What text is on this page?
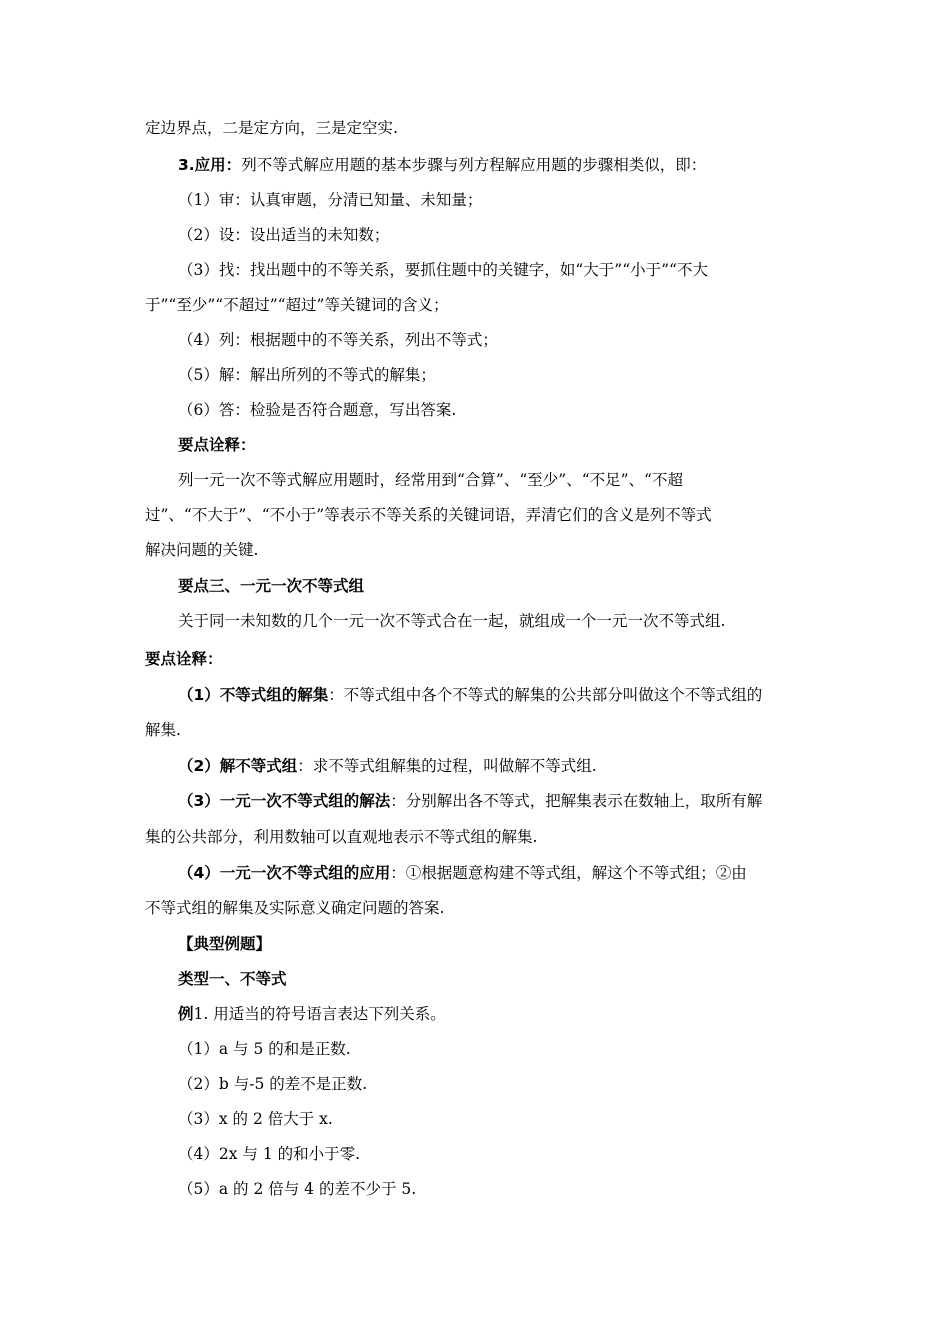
定边界点，二是定方向，三是定空实.
3.应用：列不等式解应用题的基本步骤与列方程解应用题的步骤相类似，即：
（1）审：认真审题，分清已知量、未知量；
（2）设：设出适当的未知数；
（3）找：找出题中的不等关系，要抓住题中的关键字，如“大于”“小于”“不大
于”“至少”“不超过”“超过”等关键词的含义；
（4）列：根据题中的不等关系，列出不等式；
（5）解：解出所列的不等式的解集；
（6）答：检验是否符合题意，写出答案.
要点诠释：
列一元一次不等式解应用题时，经常用到“合算”、“至少”、“不足”、“不超
过”、“不大于”、“不小于”等表示不等关系的关键词语，弄清它们的含义是列不等式
解决问题的关键.
要点三、一元一次不等式组
关于同一未知数的几个一元一次不等式合在一起，就组成一个一元一次不等式组.
要点诠释：
（1）不等式组的解集：不等式组中各个不等式的解集的公共部分叫做这个不等式组的
解集.
（2）解不等式组：求不等式组解集的过程，叫做解不等式组.
（3）一元一次不等式组的解法：分别解出各不等式，把解集表示在数轴上，取所有解
集的公共部分，利用数轴可以直观地表示不等式组的解集.
（4）一元一次不等式组的应用：①根据题意构建不等式组，解这个不等式组；②由
不等式组的解集及实际意义确定问题的答案.
【典型例题】
类型一、不等式
例1. 用适当的符号语言表达下列关系。
（1）a 与 5 的和是正数.
（2）b 与-5 的差不是正数.
（3）x 的 2 倍大于 x.
（4）2x 与 1 的和小于零.
（5）a 的 2 倍与 4 的差不少于 5.
